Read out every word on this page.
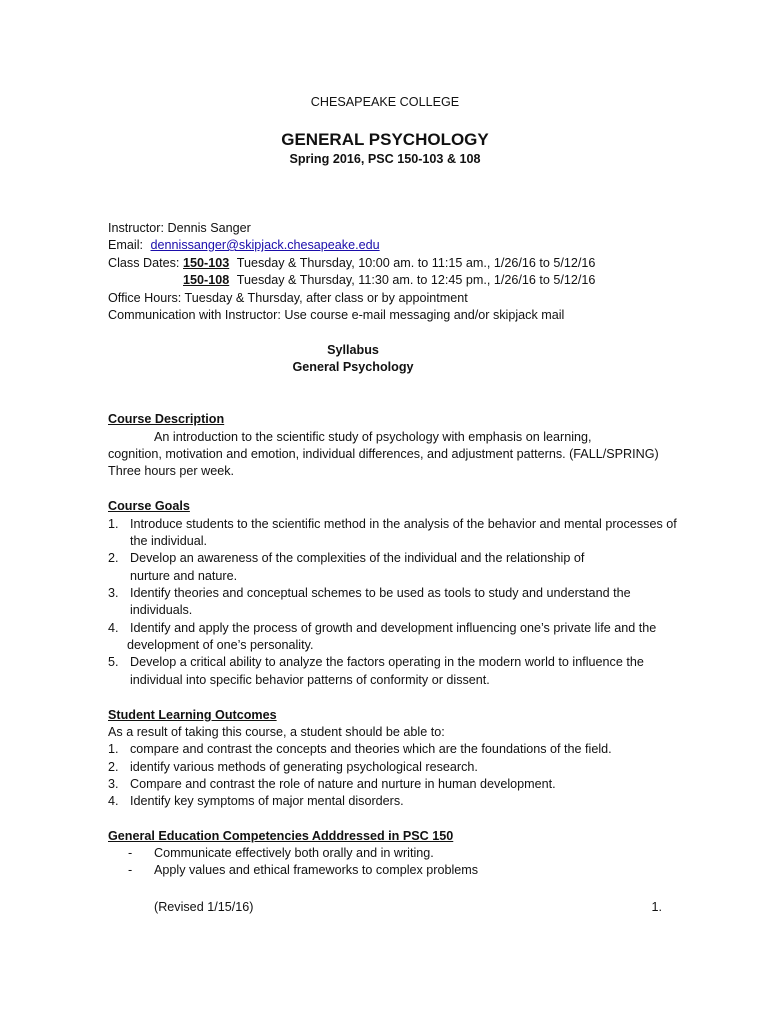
CHESAPEAKE COLLEGE
GENERAL PSYCHOLOGY
Spring 2016, PSC 150-103 & 108
Instructor: Dennis Sanger
Email: dennissanger@skipjack.chesapeake.edu
Class Dates: 150-103 Tuesday & Thursday, 10:00 am. to 11:15 am., 1/26/16 to 5/12/16
150-108 Tuesday & Thursday, 11:30 am. to 12:45 pm., 1/26/16 to 5/12/16
Office Hours: Tuesday & Thursday, after class or by appointment
Communication with Instructor: Use course e-mail messaging and/or skipjack mail
Syllabus
General Psychology
Course Description
An introduction to the scientific study of psychology with emphasis on learning,
cognition, motivation and emotion, individual differences, and adjustment patterns. (FALL/SPRING)
Three hours per week.
Course Goals
1. Introduce students to the scientific method in the analysis of the behavior and mental processes of
the individual.
2. Develop an awareness of the complexities of the individual and the relationship of
nurture and nature.
3. Identify theories and conceptual schemes to be used as tools to study and understand the
individuals.
4. Identify and apply the process of growth and development influencing one’s private life and the
development of one’s personality.
5. Develop a critical ability to analyze the factors operating in the modern world to influence the
individual into specific behavior patterns of conformity or dissent.
Student Learning Outcomes
As a result of taking this course, a student should be able to:
1. compare and contrast the concepts and theories which are the foundations of the field.
2. identify various methods of generating psychological research.
3. Compare and contrast the role of nature and nurture in human development.
4. Identify key symptoms of major mental disorders.
General Education Competencies Adddressed in PSC 150
- Communicate effectively both orally and in writing.
- Apply values and ethical frameworks to complex problems
(Revised 1/15/16)	1.
